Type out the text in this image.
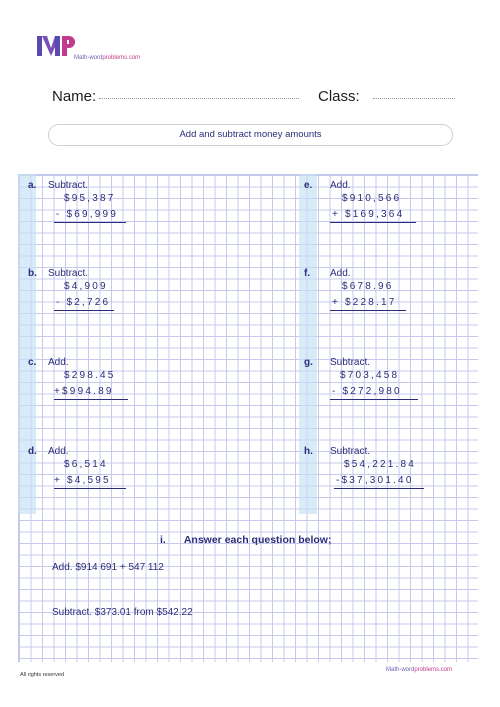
Math-wordproblems.com
Name:	Class:
Add and subtract money amounts
a. Subtract.
$95,387
- $69,999
b. Subtract.
$4,909
- $2,726
c. Add.
$298.45
+$994.89
d. Add.
$6,514
+ $4,595
e. Add.
$910,566
+ $169,364
f. Add.
$678.96
+ $228.17
g. Subtract.
$703,458
- $272,980
h. Subtract.
$54,221.84
-$37,301.40
i. Answer each question below;
Add. $914 691 + 547 112
Subtract. $373.01 from $542.22
All rights reserved
Math-wordproblems.com
